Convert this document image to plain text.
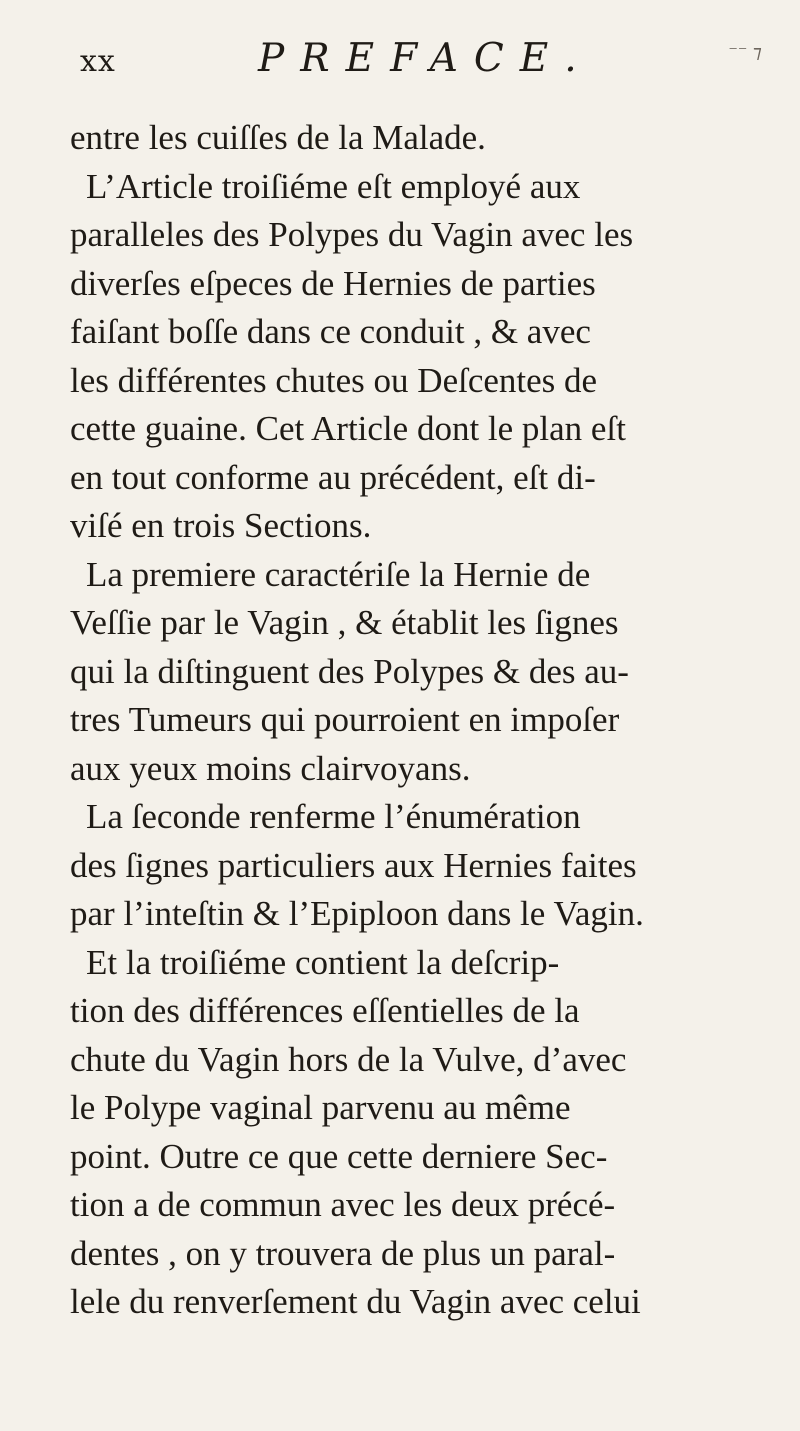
xx	PREFACE.	⁻⁻ ⁊
entre les cuiſſes de la Malade.
L’Article troiſiéme eſt employé aux
paralleles des Polypes du Vagin avec les
diverſes eſpeces de Hernies de parties
faiſant boſſe dans ce conduit , & avec
les différentes chutes ou Deſcentes de
cette guaine. Cet Article dont le plan eſt
en tout conforme au précédent, eſt di-
viſé en trois Sections.
La premiere caractériſe la Hernie de
Veſſie par le Vagin , & établit les ſignes
qui la diſtinguent des Polypes & des au-
tres Tumeurs qui pourroient en impoſer
aux yeux moins clairvoyans.
La ſeconde renferme l’énumération
des ſignes particuliers aux Hernies faites
par l’inteſtin & l’Epiploon dans le Vagin.
Et la troiſiéme contient la deſcrip-
tion des différences eſſentielles de la
chute du Vagin hors de la Vulve, d’avec
le Polype vaginal parvenu au même
point. Outre ce que cette derniere Sec-
tion a de commun avec les deux précé-
dentes , on y trouvera de plus un paral-
lele du renverſement du Vagin avec celui
